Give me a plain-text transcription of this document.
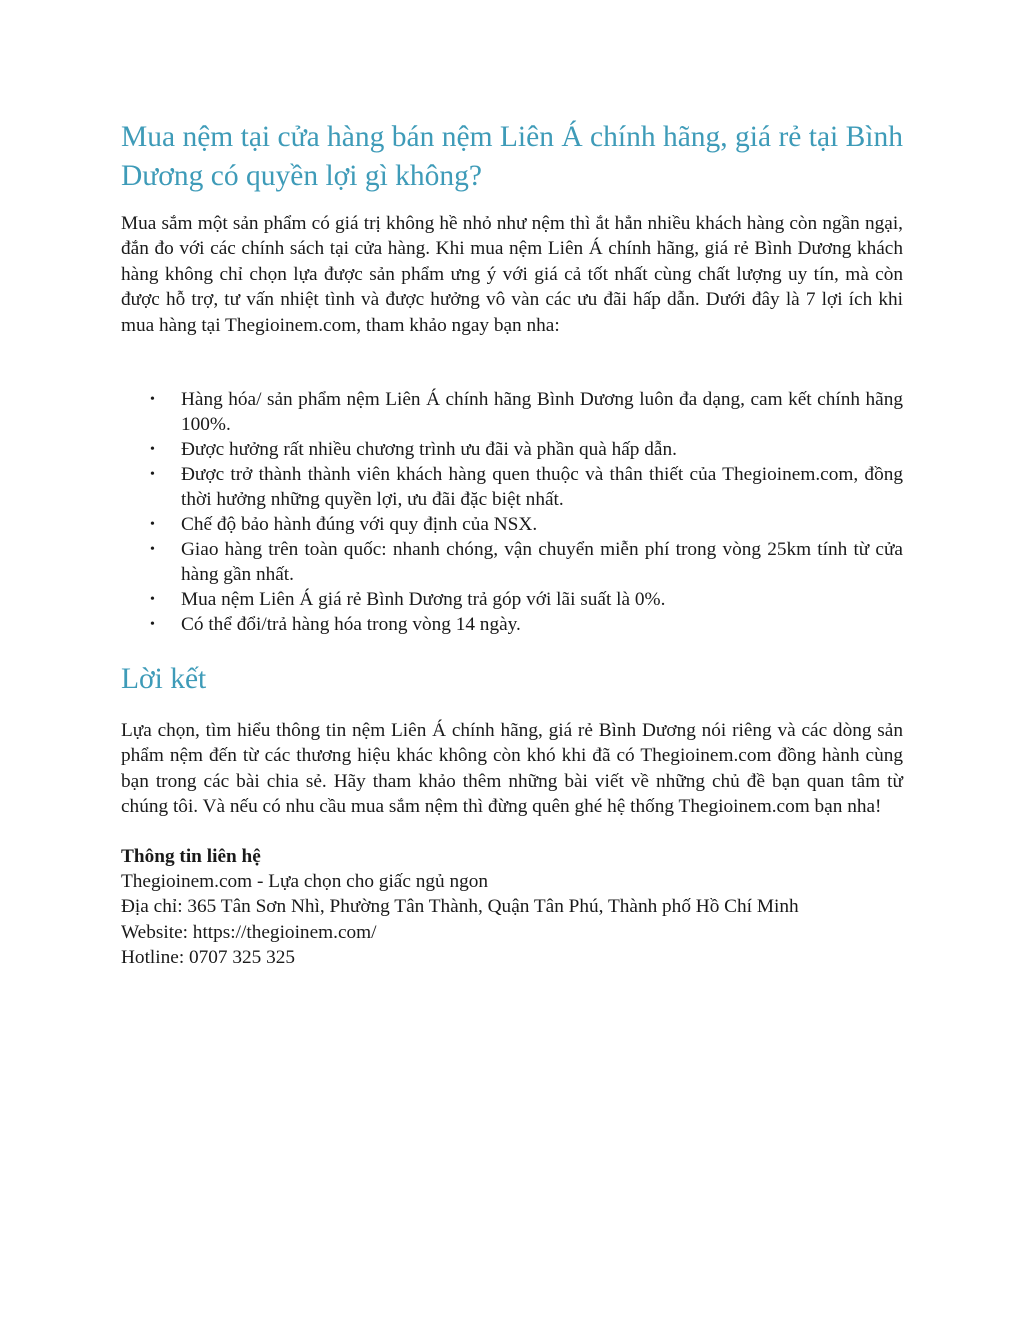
Mua nệm tại cửa hàng bán nệm Liên Á chính hãng, giá rẻ tại Bình Dương có quyền lợi gì không?

Mua sắm một sản phẩm có giá trị không hề nhỏ như nệm thì ắt hẳn nhiều khách hàng còn ngần ngại, đắn đo với các chính sách tại cửa hàng. Khi mua nệm Liên Á chính hãng, giá rẻ Bình Dương khách hàng không chỉ chọn lựa được sản phẩm ưng ý với giá cả tốt nhất cùng chất lượng uy tín, mà còn được hỗ trợ, tư vấn nhiệt tình và được hưởng vô vàn các ưu đãi hấp dẫn. Dưới đây là 7 lợi ích khi mua hàng tại Thegioinem.com, tham khảo ngay bạn nha:

• Hàng hóa/ sản phẩm nệm Liên Á chính hãng Bình Dương luôn đa dạng, cam kết chính hãng 100%.
• Được hưởng rất nhiều chương trình ưu đãi và phần quà hấp dẫn.
• Được trở thành thành viên khách hàng quen thuộc và thân thiết của Thegioinem.com, đồng thời hưởng những quyền lợi, ưu đãi đặc biệt nhất.
• Chế độ bảo hành đúng với quy định của NSX.
• Giao hàng trên toàn quốc: nhanh chóng, vận chuyển miễn phí trong vòng 25km tính từ cửa hàng gần nhất.
• Mua nệm Liên Á giá rẻ Bình Dương trả góp với lãi suất là 0%.
• Có thể đổi/trả hàng hóa trong vòng 14 ngày.
Lời kết

Lựa chọn, tìm hiểu thông tin nệm Liên Á chính hãng, giá rẻ Bình Dương nói riêng và các dòng sản phẩm nệm đến từ các thương hiệu khác không còn khó khi đã có Thegioinem.com đồng hành cùng bạn trong các bài chia sẻ. Hãy tham khảo thêm những bài viết về những chủ đề bạn quan tâm từ chúng tôi. Và nếu có nhu cầu mua sắm nệm thì đừng quên ghé hệ thống Thegioinem.com bạn nha!

Thông tin liên hệ
Thegioinem.com - Lựa chọn cho giấc ngủ ngon
Địa chỉ: 365 Tân Sơn Nhì, Phường Tân Thành, Quận Tân Phú, Thành phố Hồ Chí Minh
Website: https://thegioinem.com/
Hotline: 0707 325 325
